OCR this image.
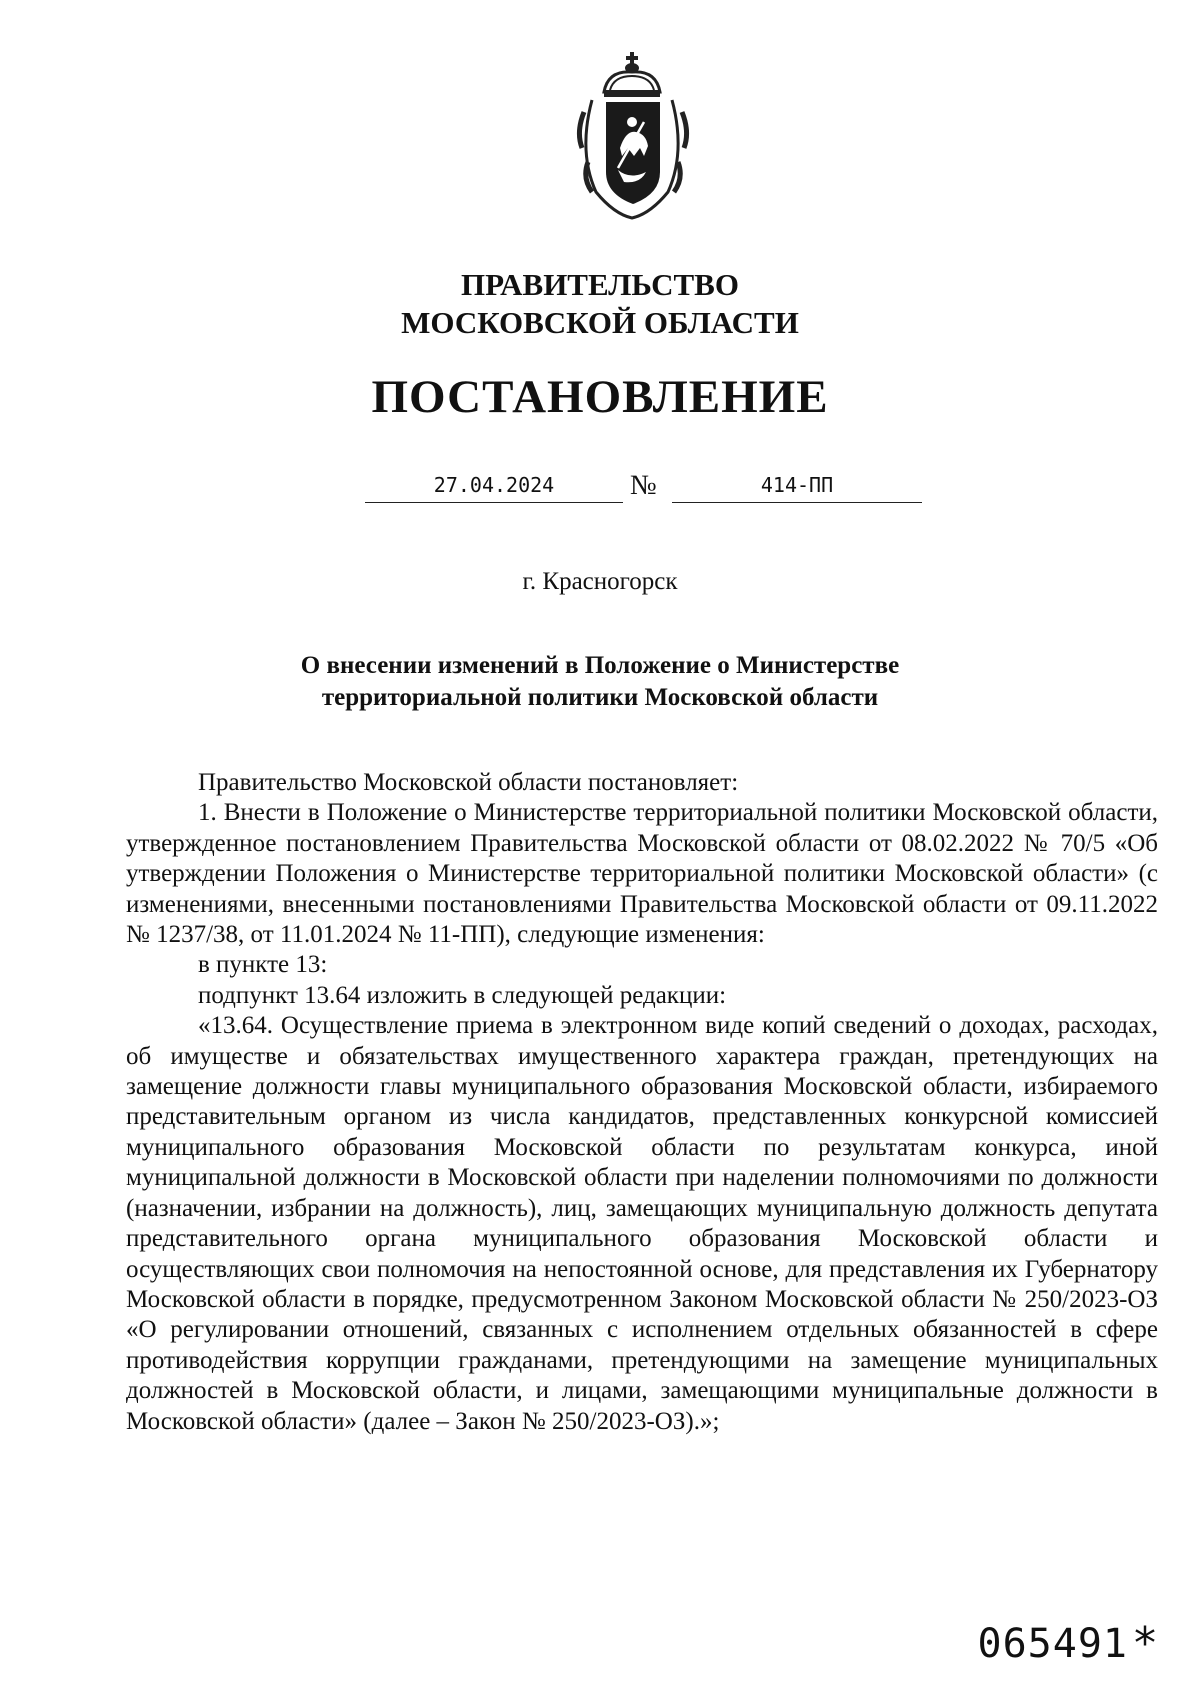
ПРАВИТЕЛЬСТВО
МОСКОВСКОЙ ОБЛАСТИ
ПОСТАНОВЛЕНИЕ
27.04.2024	№	414-ПП
г. Красногорск
О внесении изменений в Положение о Министерстве
территориальной политики Московской области

Правительство Московской области постановляет:

1. Внести в Положение о Министерстве территориальной политики Московской области, утвержденное постановлением Правительства Московской области от 08.02.2022 № 70/5 «Об утверждении Положения о Министерстве территориальной политики Московской области» (с изменениями, внесенными постановлениями Правительства Московской области от 09.11.2022 № 1237/38, от 11.01.2024 № 11-ПП), следующие изменения:

в пункте 13:

подпункт 13.64 изложить в следующей редакции:

«13.64. Осуществление приема в электронном виде копий сведений о доходах, расходах, об имуществе и обязательствах имущественного характера граждан, претендующих на замещение должности главы муниципального образования Московской области, избираемого представительным органом из числа кандидатов, представленных конкурсной комиссией муниципального образования Московской области по результатам конкурса, иной муниципальной должности в Московской области при наделении полномочиями по должности (назначении, избрании на должность), лиц, замещающих муниципальную должность депутата представительного органа муниципального образования Московской области и осуществляющих свои полномочия на непостоянной основе, для представления их Губернатору Московской области в порядке, предусмотренном Законом Московской области № 250/2023-ОЗ «О регулировании отношений, связанных с исполнением отдельных обязанностей в сфере противодействия коррупции гражданами, претендующими на замещение муниципальных должностей в Московской области, и лицами, замещающими муниципальные должности в Московской области» (далее – Закон № 250/2023-ОЗ).»;

065491 *
